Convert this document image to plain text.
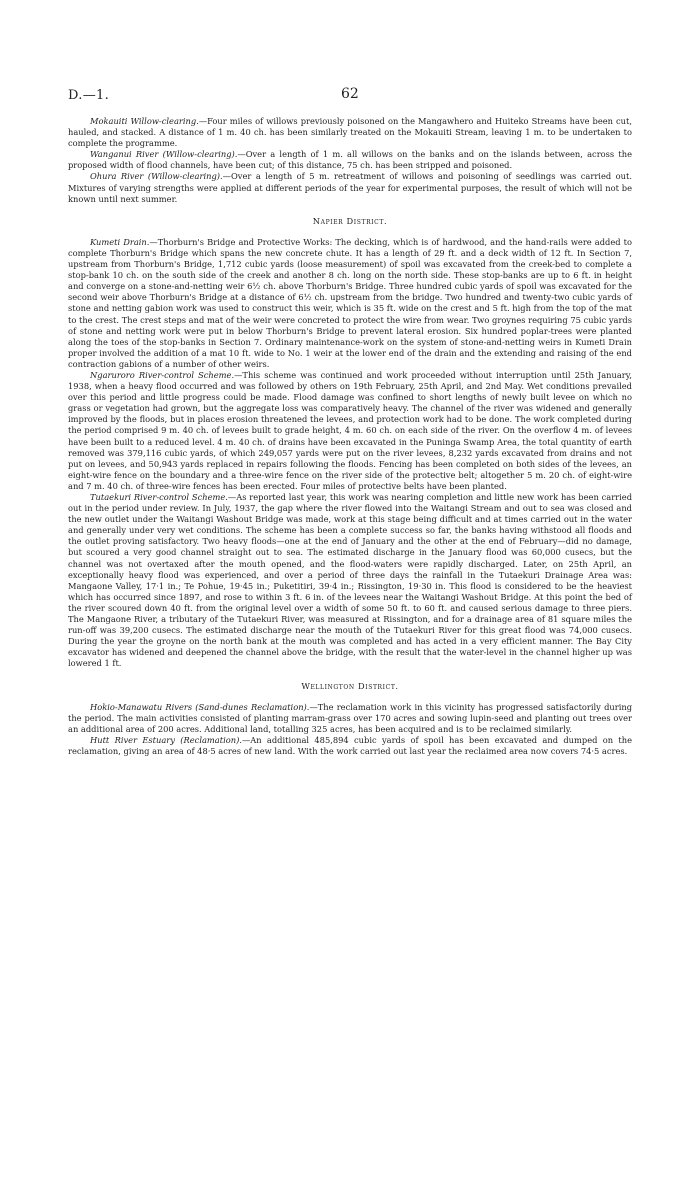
D.—1.	62

Mokauiti Willow-clearing.—Four miles of willows previously poisoned on the Mangawhero and Huiteko Streams have been cut, hauled, and stacked. A distance of 1 m. 40 ch. has been similarly treated on the Mokauiti Stream, leaving 1 m. to be undertaken to complete the programme.

Wanganui River (Willow-clearing).—Over a length of 1 m. all willows on the banks and on the islands between, across the proposed width of flood channels, have been cut; of this distance, 75 ch. has been stripped and poisoned.

Ohura River (Willow-clearing).—Over a length of 5 m. retreatment of willows and poisoning of seedlings was carried out. Mixtures of varying strengths were applied at different periods of the year for experimental purposes, the result of which will not be known until next summer.

Napier District.

Kumeti Drain.—Thorburn's Bridge and Protective Works: The decking, which is of hardwood, and the hand-rails were added to complete Thorburn's Bridge which spans the new concrete chute. It has a length of 29 ft. and a deck width of 12 ft. In Section 7, upstream from Thorburn's Bridge, 1,712 cubic yards (loose measurement) of spoil was excavated from the creek-bed to complete a stop-bank 10 ch. on the south side of the creek and another 8 ch. long on the north side. These stop-banks are up to 6 ft. in height and converge on a stone-and-netting weir 6½ ch. above Thorburn's Bridge. Three hundred cubic yards of spoil was excavated for the second weir above Thorburn's Bridge at a distance of 6½ ch. upstream from the bridge. Two hundred and twenty-two cubic yards of stone and netting gabion work was used to construct this weir, which is 35 ft. wide on the crest and 5 ft. high from the top of the mat to the crest. The crest steps and mat of the weir were concreted to protect the wire from wear. Two groynes requiring 75 cubic yards of stone and netting work were put in below Thorburn's Bridge to prevent lateral erosion. Six hundred poplar-trees were planted along the toes of the stop-banks in Section 7. Ordinary maintenance-work on the system of stone-and-netting weirs in Kumeti Drain proper involved the addition of a mat 10 ft. wide to No. 1 weir at the lower end of the drain and the extending and raising of the end contraction gabions of a number of other weirs.

Ngaruroro River-control Scheme.—This scheme was continued and work proceeded without interruption until 25th January, 1938, when a heavy flood occurred and was followed by others on 19th February, 25th April, and 2nd May. Wet conditions prevailed over this period and little progress could be made. Flood damage was confined to short lengths of newly built levee on which no grass or vegetation had grown, but the aggregate loss was comparatively heavy. The channel of the river was widened and generally improved by the floods, but in places erosion threatened the levees, and protection work had to be done. The work completed during the period comprised 9 m. 40 ch. of levees built to grade height, 4 m. 60 ch. on each side of the river. On the overflow 4 m. of levees have been built to a reduced level. 4 m. 40 ch. of drains have been excavated in the Puninga Swamp Area, the total quantity of earth removed was 379,116 cubic yards, of which 249,057 yards were put on the river levees, 8,232 yards excavated from drains and not put on levees, and 50,943 yards replaced in repairs following the floods. Fencing has been completed on both sides of the levees, an eight-wire fence on the boundary and a three-wire fence on the river side of the protective belt; altogether 5 m. 20 ch. of eight-wire and 7 m. 40 ch. of three-wire fences has been erected. Four miles of protective belts have been planted.

Tutaekuri River-control Scheme.—As reported last year, this work was nearing completion and little new work has been carried out in the period under review. In July, 1937, the gap where the river flowed into the Waitangi Stream and out to sea was closed and the new outlet under the Waitangi Washout Bridge was made, work at this stage being difficult and at times carried out in the water and generally under very wet conditions. The scheme has been a complete success so far, the banks having withstood all floods and the outlet proving satisfactory. Two heavy floods—one at the end of January and the other at the end of February—did no damage, but scoured a very good channel straight out to sea. The estimated discharge in the January flood was 60,000 cusecs, but the channel was not overtaxed after the mouth opened, and the flood-waters were rapidly discharged. Later, on 25th April, an exceptionally heavy flood was experienced, and over a period of three days the rainfall in the Tutaekuri Drainage Area was: Mangaone Valley, 17·1 in.; Te Pohue, 19·45 in.; Puketitiri, 39·4 in.; Rissington, 19·30 in. This flood is considered to be the heaviest which has occurred since 1897, and rose to within 3 ft. 6 in. of the levees near the Waitangi Washout Bridge. At this point the bed of the river scoured down 40 ft. from the original level over a width of some 50 ft. to 60 ft. and caused serious damage to three piers. The Mangaone River, a tributary of the Tutaekuri River, was measured at Rissington, and for a drainage area of 81 square miles the run-off was 39,200 cusecs. The estimated discharge near the mouth of the Tutaekuri River for this great flood was 74,000 cusecs. During the year the groyne on the north bank at the mouth was completed and has acted in a very efficient manner. The Bay City excavator has widened and deepened the channel above the bridge, with the result that the water-level in the channel higher up was lowered 1 ft.

Wellington District.

Hokio-Manawatu Rivers (Sand-dunes Reclamation).—The reclamation work in this vicinity has progressed satisfactorily during the period. The main activities consisted of planting marram-grass over 170 acres and sowing lupin-seed and planting out trees over an additional area of 200 acres. Additional land, totalling 325 acres, has been acquired and is to be reclaimed similarly.

Hutt River Estuary (Reclamation).—An additional 485,894 cubic yards of spoil has been excavated and dumped on the reclamation, giving an area of 48·5 acres of new land. With the work carried out last year the reclaimed area now covers 74·5 acres.
